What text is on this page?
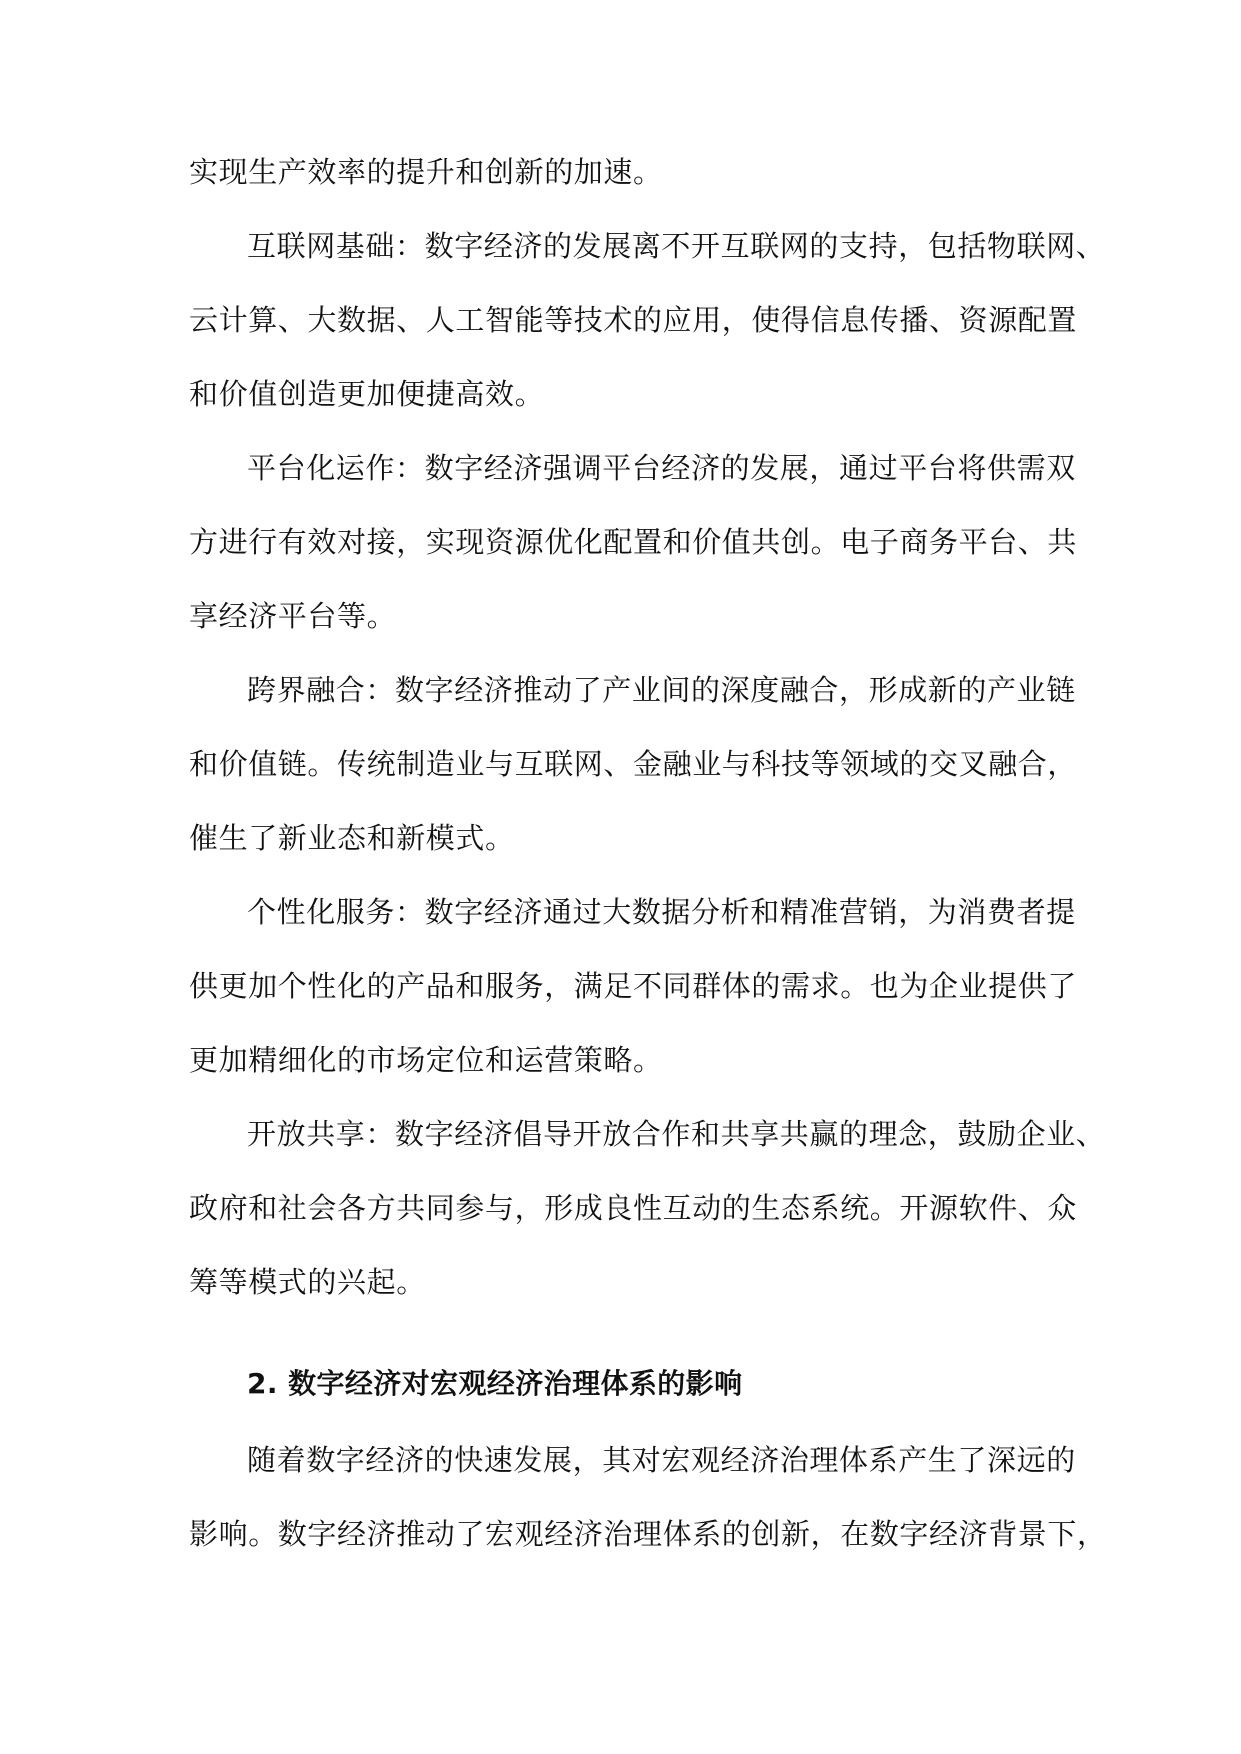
实现生产效率的提升和创新的加速。
互联网基础：数字经济的发展离不开互联网的支持，包括物联网、
云计算、大数据、人工智能等技术的应用，使得信息传播、资源配置
和价值创造更加便捷高效。
平台化运作：数字经济强调平台经济的发展，通过平台将供需双
方进行有效对接，实现资源优化配置和价值共创。电子商务平台、共
享经济平台等。
跨界融合：数字经济推动了产业间的深度融合，形成新的产业链
和价值链。传统制造业与互联网、金融业与科技等领域的交叉融合，
催生了新业态和新模式。
个性化服务：数字经济通过大数据分析和精准营销，为消费者提
供更加个性化的产品和服务，满足不同群体的需求。也为企业提供了
更加精细化的市场定位和运营策略。
开放共享：数字经济倡导开放合作和共享共赢的理念，鼓励企业、
政府和社会各方共同参与，形成良性互动的生态系统。开源软件、众
筹等模式的兴起。
2. 数字经济对宏观经济治理体系的影响
随着数字经济的快速发展，其对宏观经济治理体系产生了深远的
影响。数字经济推动了宏观经济治理体系的创新，在数字经济背景下，
